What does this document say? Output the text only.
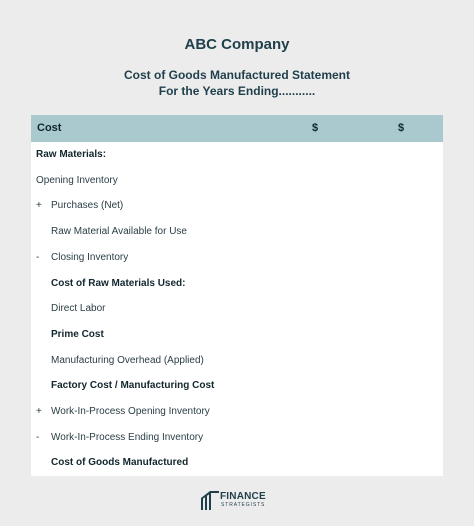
ABC Company
Cost of Goods Manufactured Statement
For the Years Ending...........
Cost	$	$
Raw Materials:
Opening Inventory
+ Purchases (Net)
Raw Material Available for Use
-	Closing Inventory
Cost of Raw Materials Used:
Direct Labor
Prime Cost
Manufacturing Overhead (Applied)
Factory Cost / Manufacturing Cost
+ Work-In-Process Opening Inventory
-	Work-In-Process Ending Inventory
Cost of Goods Manufactured
FINANCE
STRATEGISTS
